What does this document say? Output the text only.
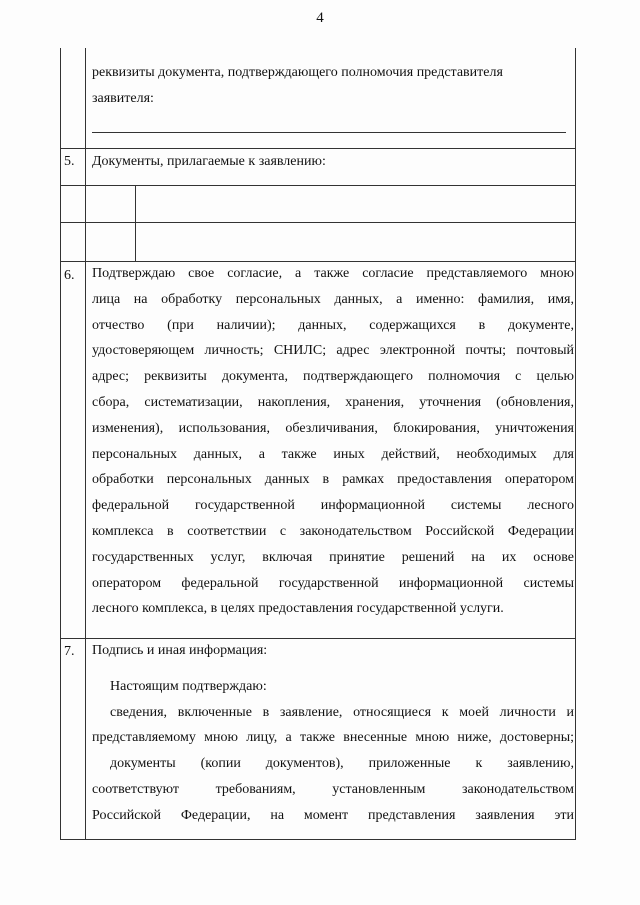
4
реквизиты документа, подтверждающего полномочия представителя
заявителя:
5. Документы, прилагаемые к заявлению:
6. Подтверждаю свое согласие, а также согласие представляемого мною
лица на обработку персональных данных, а именно: фамилия, имя,
отчество (при наличии); данных, содержащихся в документе,
удостоверяющем личность; СНИЛС; адрес электронной почты; почтовый
адрес; реквизиты документа, подтверждающего полномочия с целью
сбора, систематизации, накопления, хранения, уточнения (обновления,
изменения), использования, обезличивания, блокирования, уничтожения
персональных данных, а также иных действий, необходимых для
обработки персональных данных в рамках предоставления оператором
федеральной государственной информационной системы лесного
комплекса в соответствии с законодательством Российской Федерации
государственных услуг, включая принятие решений на их основе
оператором федеральной государственной информационной системы
лесного комплекса, в целях предоставления государственной услуги.
7. Подпись и иная информация:
Настоящим подтверждаю:
сведения, включенные в заявление, относящиеся к моей личности и
представляемому мною лицу, а также внесенные мною ниже, достоверны;
документы (копии документов), приложенные к заявлению,
соответствуют требованиям, установленным законодательством
Российской Федерации, на момент представления заявления эти
